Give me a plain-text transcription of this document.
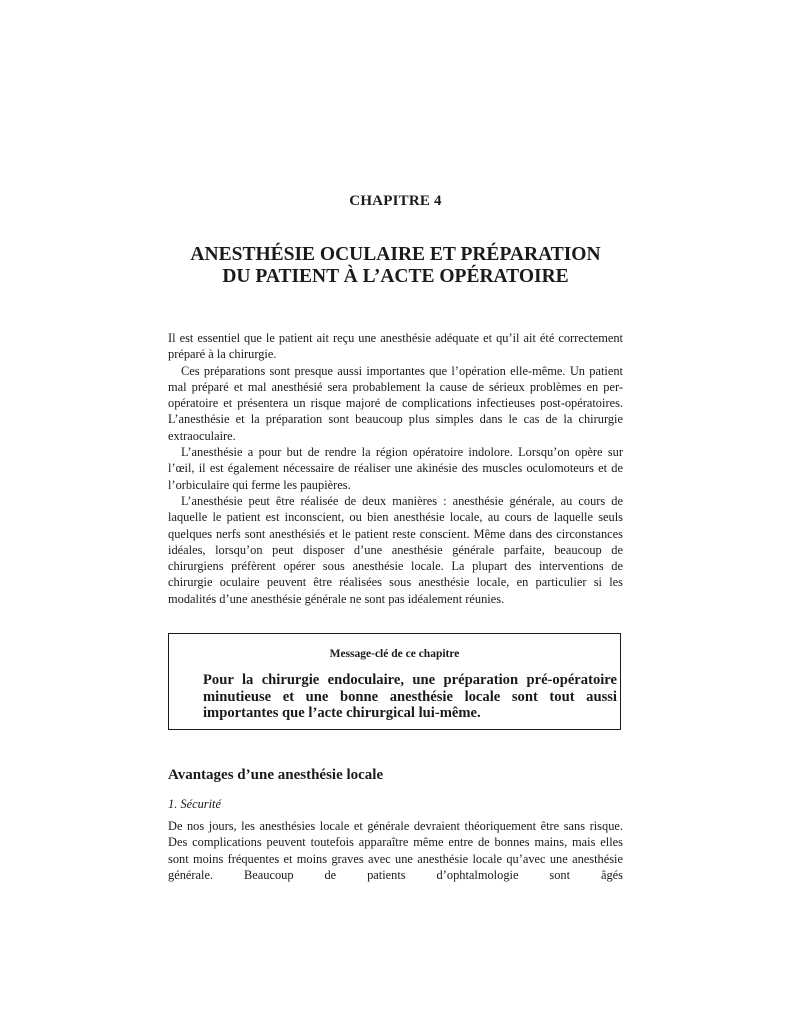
CHAPITRE 4
ANESTHÉSIE OCULAIRE ET PRÉPARATION
DU PATIENT À L’ACTE OPÉRATOIRE

Il est essentiel que le patient ait reçu une anesthésie adéquate et qu’il ait été correctement préparé à la chirurgie.

Ces préparations sont presque aussi importantes que l’opération elle-même. Un patient mal préparé et mal anesthésié sera probablement la cause de sérieux problèmes en per-opératoire et présentera un risque majoré de complications infectieuses post-opératoires. L’anesthésie et la préparation sont beaucoup plus simples dans le cas de la chirurgie extraoculaire.

L’anesthésie a pour but de rendre la région opératoire indolore. Lorsqu’on opère sur l’œil, il est également nécessaire de réaliser une akinésie des muscles oculomoteurs et de l’orbiculaire qui ferme les paupières.

L’anesthésie peut être réalisée de deux manières : anesthésie générale, au cours de laquelle le patient est inconscient, ou bien anesthésie locale, au cours de laquelle seuls quelques nerfs sont anesthésiés et le patient reste conscient. Même dans des circonstances idéales, lorsqu’on peut disposer d’une anesthésie générale parfaite, beaucoup de chirurgiens préfèrent opérer sous anesthésie locale. La plupart des interventions de chirurgie oculaire peuvent être réalisées sous anesthésie locale, en particulier si les modalités d’une anesthésie générale ne sont pas idéalement réunies.

Message-clé de ce chapitre
Pour la chirurgie endoculaire, une préparation pré-opératoire minutieuse et une bonne anesthésie locale sont tout aussi importantes que l’acte chirurgical lui-même.
Avantages d’une anesthésie locale
1. Sécurité

De nos jours, les anesthésies locale et générale devraient théoriquement être sans risque. Des complications peuvent toutefois apparaître même entre de bonnes mains, mais elles sont moins fréquentes et moins graves avec une anesthésie locale qu’avec une anesthésie générale. Beaucoup de patients d’ophtalmologie sont âgés
